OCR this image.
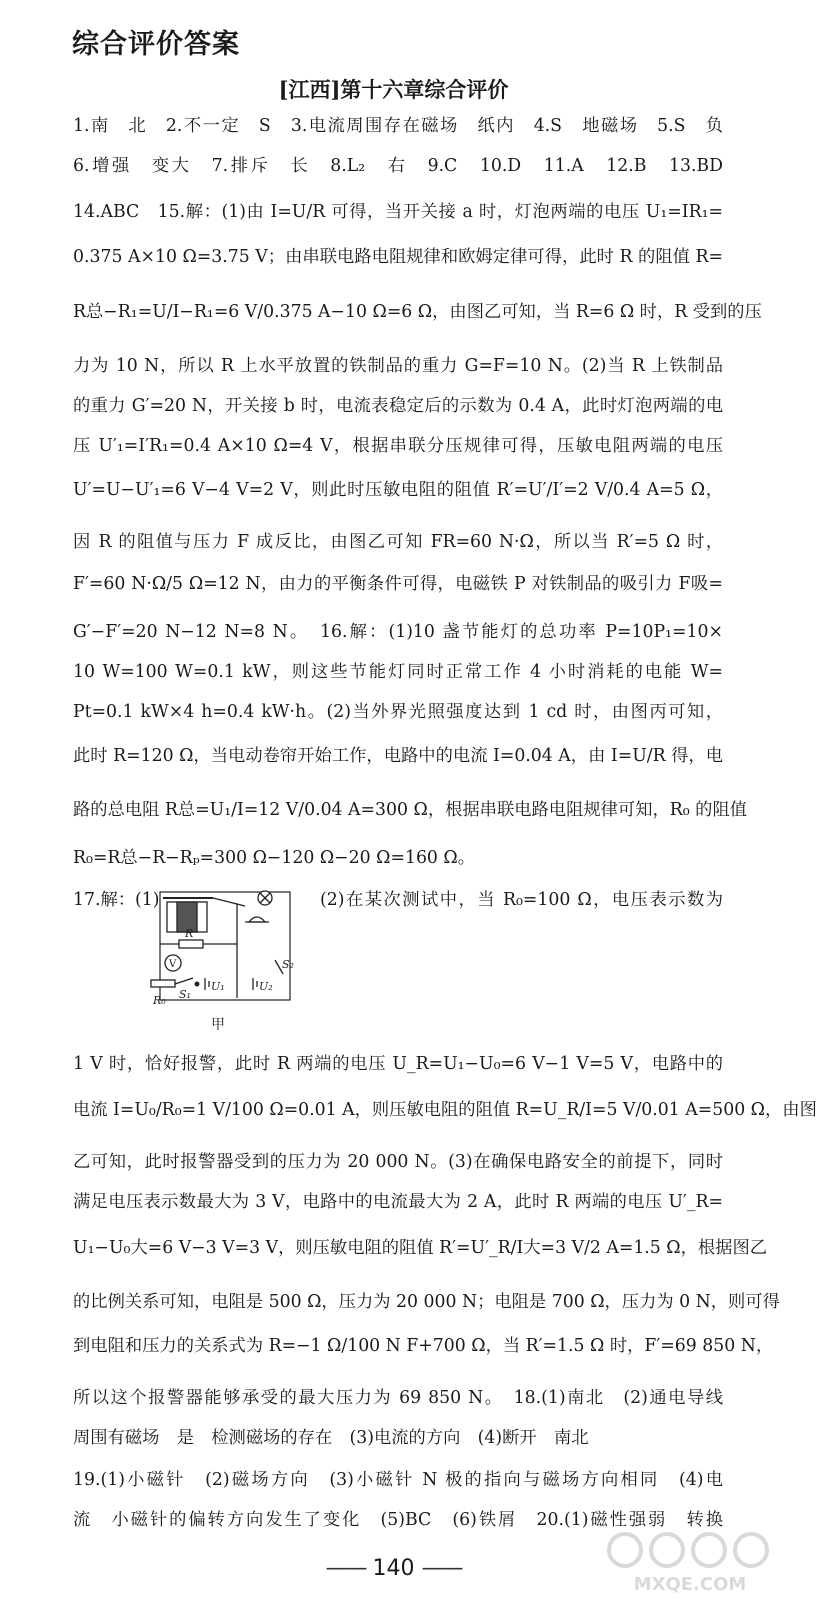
综合评价答案
[江西]第十六章综合评价
1.南　北　2.不一定　S　3.电流周围存在磁场　纸内　4.S　地磁场　5.S　负
6.增强　变大　7.排斥　长　8.L₂　右　9.C　10.D　11.A　12.B　13.BD
14.ABC　15.解：(1)由 I=U/R 可得，当开关接 a 时，灯泡两端的电压 U₁=IR₁=
0.375 A×10 Ω=3.75 V；由串联电路电阻规律和欧姆定律可得，此时 R 的阻值 R=
R总−R₁=U/I−R₁=6 V/0.375 A−10 Ω=6 Ω，由图乙可知，当 R=6 Ω 时，R 受到的压
力为 10 N，所以 R 上水平放置的铁制品的重力 G=F=10 N。(2)当 R 上铁制品
的重力 G′=20 N，开关接 b 时，电流表稳定后的示数为 0.4 A，此时灯泡两端的电
压 U′₁=I′R₁=0.4 A×10 Ω=4 V，根据串联分压规律可得，压敏电阻两端的电压
U′=U−U′₁=6 V−4 V=2 V，则此时压敏电阻的阻值 R′=U′/I′=2 V/0.4 A=5 Ω，
因 R 的阻值与压力 F 成反比，由图乙可知 FR=60 N·Ω，所以当 R′=5 Ω 时，
F′=60 N·Ω/5 Ω=12 N，由力的平衡条件可得，电磁铁 P 对铁制品的吸引力 F吸=
G′−F′=20 N−12 N=8 N。　16.解：(1)10 盏节能灯的总功率 P=10P₁=10×
10 W=100 W=0.1 kW，则这些节能灯同时正常工作 4 小时消耗的电能 W=
Pt=0.1 kW×4 h=0.4 kW·h。(2)当外界光照强度达到 1 cd 时，由图丙可知，
此时 R=120 Ω，当电动卷帘开始工作，电路中的电流 I=0.04 A，由 I=U/R 得，电
路的总电阻 R总=U₁/I=12 V/0.04 A=300 Ω，根据串联电路电阻规律可知，R₀ 的阻值
R₀=R总−R−Rₚ=300 Ω−120 Ω−20 Ω=160 Ω。
17.解：(1)
R
V
R₀ S₁
U₁	U₂
S₂
甲
(2)在某次测试中，当 R₀=100 Ω，电压表示数为
1 V 时，恰好报警，此时 R 两端的电压 U_R=U₁−U₀=6 V−1 V=5 V，电路中的
电流 I=U₀/R₀=1 V/100 Ω=0.01 A，则压敏电阻的阻值 R=U_R/I=5 V/0.01 A=500 Ω，由图
乙可知，此时报警器受到的压力为 20 000 N。(3)在确保电路安全的前提下，同时
满足电压表示数最大为 3 V，电路中的电流最大为 2 A，此时 R 两端的电压 U′_R=
U₁−U₀大=6 V−3 V=3 V，则压敏电阻的阻值 R′=U′_R/I大=3 V/2 A=1.5 Ω，根据图乙
的比例关系可知，电阻是 500 Ω，压力为 20 000 N；电阻是 700 Ω，压力为 0 N，则可得
到电阻和压力的关系式为 R=−1 Ω/100 N F+700 Ω，当 R′=1.5 Ω 时，F′=69 850 N，
所以这个报警器能够承受的最大压力为 69 850 N。　18.(1)南北　(2)通电导线
周围有磁场　是　检测磁场的存在　(3)电流的方向　(4)断开　南北
19.(1)小磁针　(2)磁场方向　(3)小磁针 N 极的指向与磁场方向相同　(4)电
流　小磁针的偏转方向发生了变化　(5)BC　(6)铁屑　20.(1)磁性强弱　转换
—— 140 ——
MXQE.COM
